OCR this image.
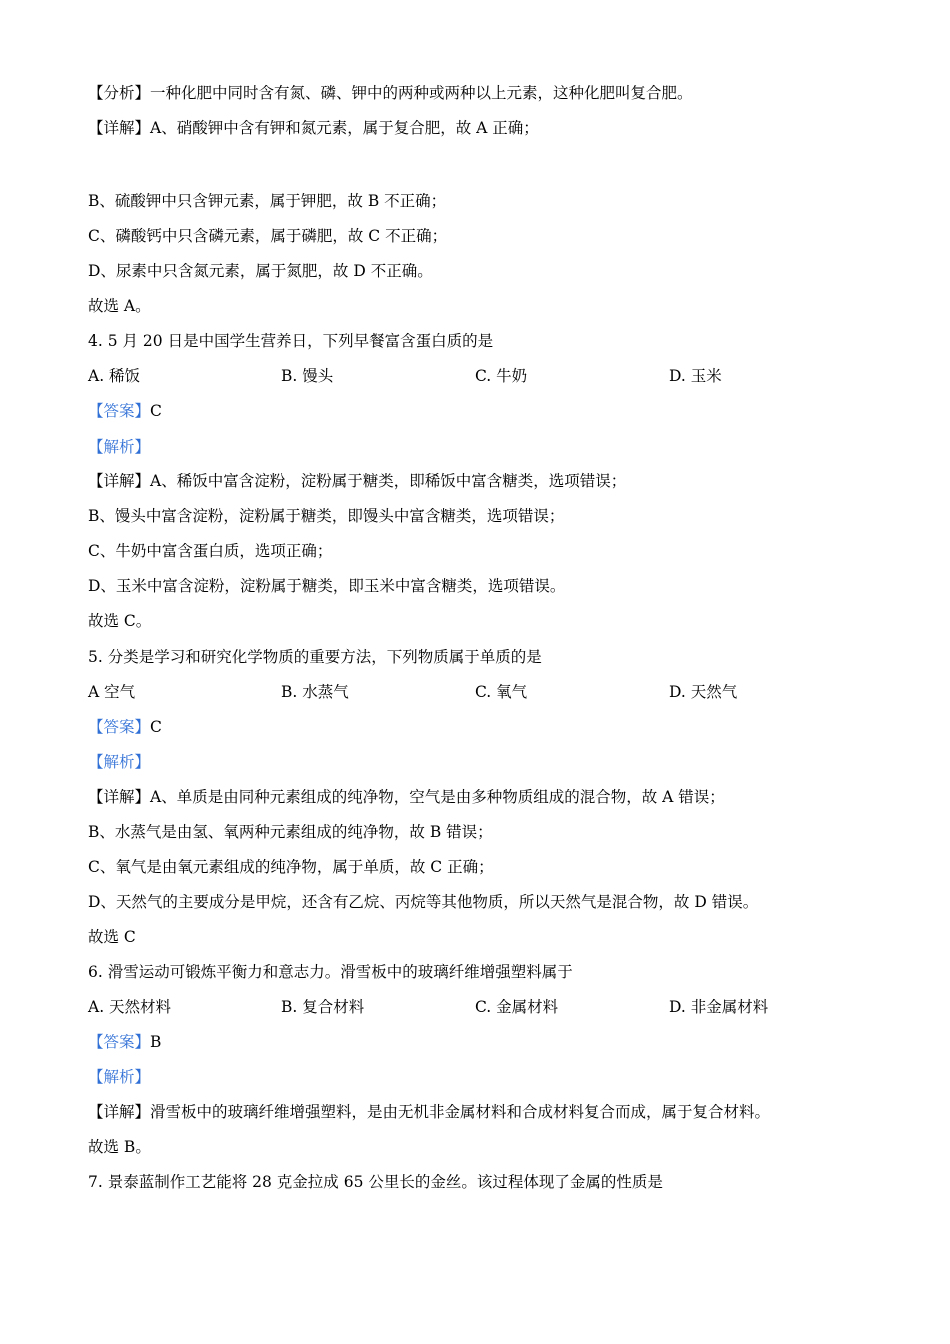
【分析】一种化肥中同时含有氮、磷、钾中的两种或两种以上元素，这种化肥叫复合肥。
【详解】A、硝酸钾中含有钾和氮元素，属于复合肥，故 A 正确；
B、硫酸钾中只含钾元素，属于钾肥，故 B 不正确；
C、磷酸钙中只含磷元素，属于磷肥，故 C 不正确；
D、尿素中只含氮元素，属于氮肥，故 D 不正确。
故选 A。
4. 5 月 20 日是中国学生营养日，下列早餐富含蛋白质的是
A. 稀饭	B. 馒头	C. 牛奶	D. 玉米
【答案】C
【解析】
【详解】A、稀饭中富含淀粉，淀粉属于糖类，即稀饭中富含糖类，选项错误；
B、馒头中富含淀粉，淀粉属于糖类，即馒头中富含糖类，选项错误；
C、牛奶中富含蛋白质，选项正确；
D、玉米中富含淀粉，淀粉属于糖类，即玉米中富含糖类，选项错误。
故选 C。
5. 分类是学习和研究化学物质的重要方法，下列物质属于单质的是
A 空气	B. 水蒸气	C. 氧气	D. 天然气
【答案】C
【解析】
【详解】A、单质是由同种元素组成的纯净物，空气是由多种物质组成的混合物，故 A 错误；
B、水蒸气是由氢、氧两种元素组成的纯净物，故 B 错误；
C、氧气是由氧元素组成的纯净物，属于单质，故 C 正确；
D、天然气的主要成分是甲烷，还含有乙烷、丙烷等其他物质，所以天然气是混合物，故 D 错误。
故选 C
6. 滑雪运动可锻炼平衡力和意志力。滑雪板中的玻璃纤维增强塑料属于
A. 天然材料	B. 复合材料	C. 金属材料	D. 非金属材料
【答案】B
【解析】
【详解】滑雪板中的玻璃纤维增强塑料，是由无机非金属材料和合成材料复合而成，属于复合材料。
故选 B。
7. 景泰蓝制作工艺能将 28 克金拉成 65 公里长的金丝。该过程体现了金属的性质是
